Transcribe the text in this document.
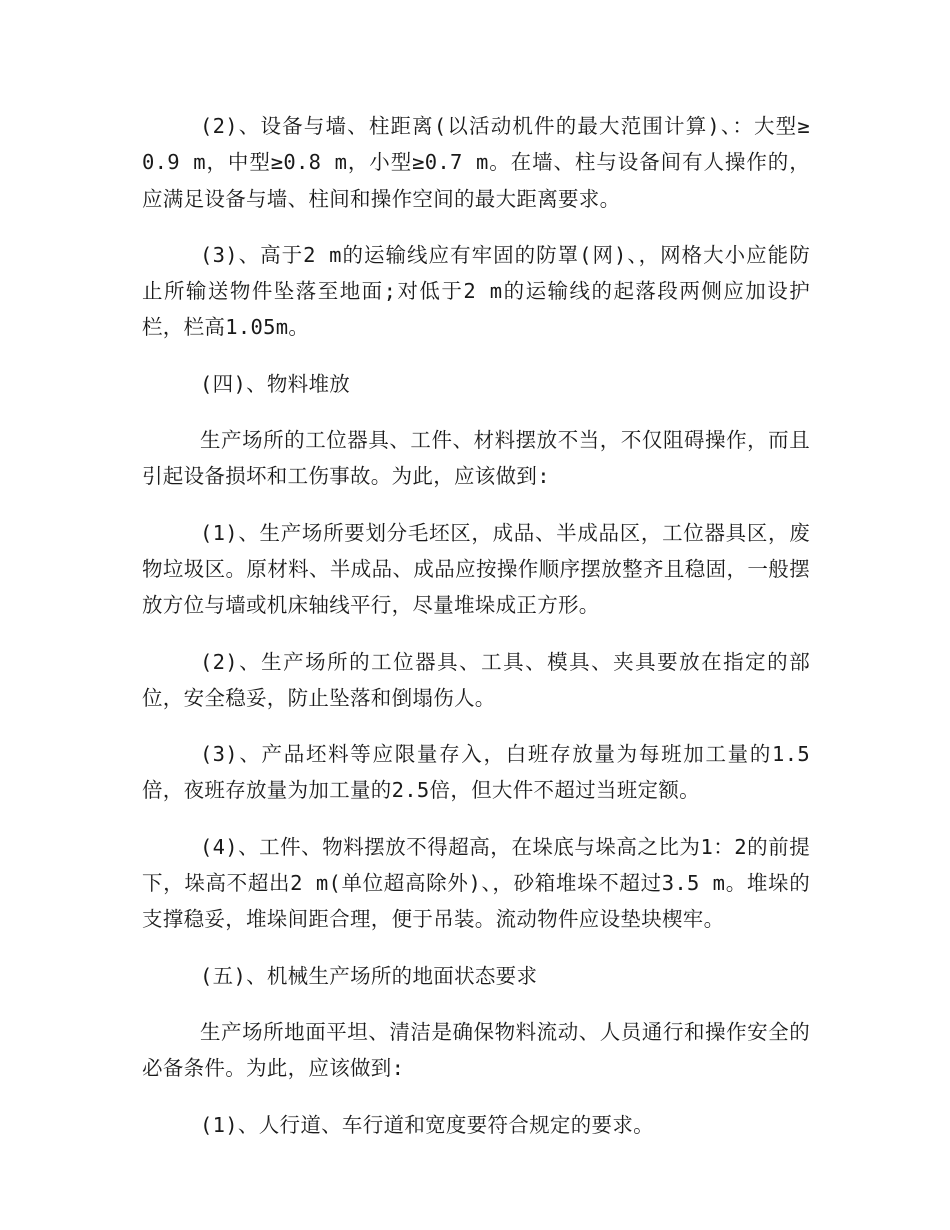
(2)、设备与墙、柱距离(以活动机件的最大范围计算)、：大型≥0.9 m，中型≥0.8 m，小型≥0.7 m。在墙、柱与设备间有人操作的，应满足设备与墙、柱间和操作空间的最大距离要求。

(3)、高于2 m的运输线应有牢固的防罩(网)、，网格大小应能防止所输送物件坠落至地面;对低于2 m的运输线的起落段两侧应加设护栏，栏高1.05m。

(四)、物料堆放

生产场所的工位器具、工件、材料摆放不当，不仅阻碍操作，而且引起设备损坏和工伤事故。为此，应该做到:

(1)、生产场所要划分毛坯区，成品、半成品区，工位器具区，废物垃圾区。原材料、半成品、成品应按操作顺序摆放整齐且稳固，一般摆放方位与墙或机床轴线平行，尽量堆垛成正方形。

(2)、生产场所的工位器具、工具、模具、夹具要放在指定的部位，安全稳妥，防止坠落和倒塌伤人。

(3)、产品坯料等应限量存入，白班存放量为每班加工量的1.5倍，夜班存放量为加工量的2.5倍，但大件不超过当班定额。

(4)、工件、物料摆放不得超高，在垛底与垛高之比为1：2的前提下，垛高不超出2 m(单位超高除外)、，砂箱堆垛不超过3.5 m。堆垛的支撑稳妥，堆垛间距合理，便于吊装。流动物件应设垫块楔牢。

(五)、机械生产场所的地面状态要求

生产场所地面平坦、清洁是确保物料流动、人员通行和操作安全的必备条件。为此，应该做到:

(1)、人行道、车行道和宽度要符合规定的要求。
